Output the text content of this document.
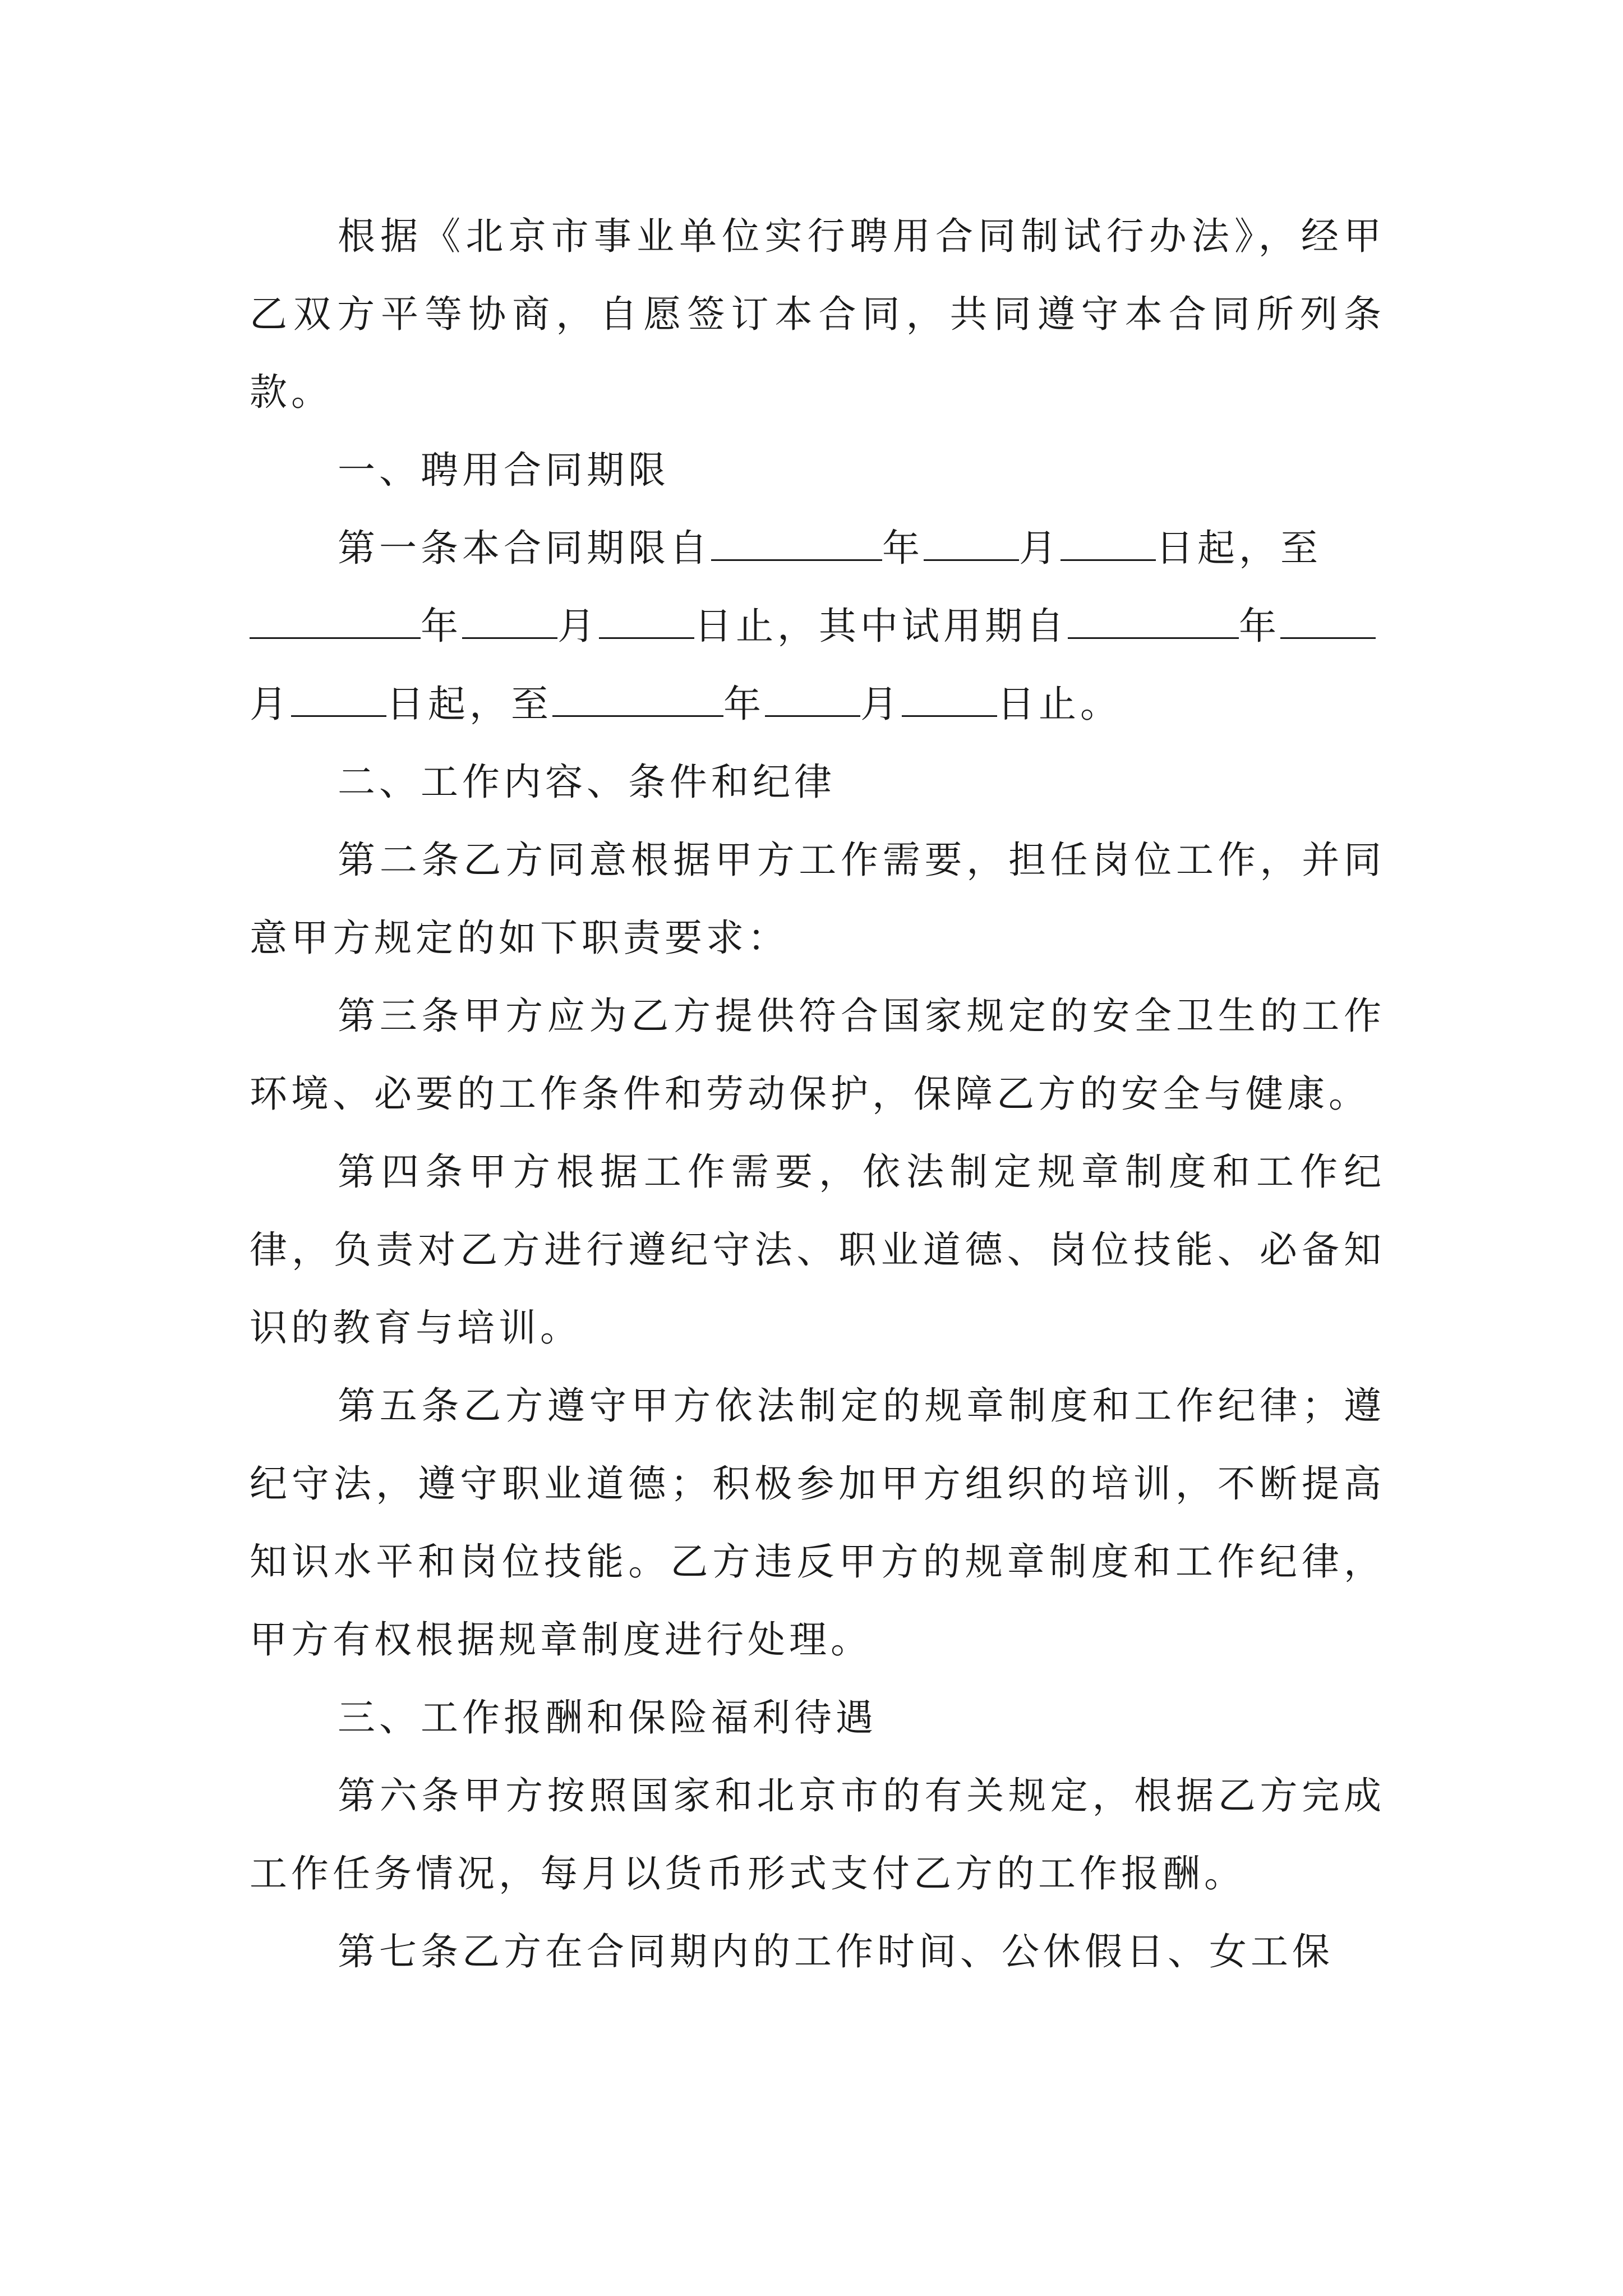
根据《北京市事业单位实行聘用合同制试行办法》，经甲乙双方平等协商，自愿签订本合同，共同遵守本合同所列条款。

一、聘用合同期限

第一条本合同期限自	年	月	日起，至
年	月	日止，其中试用期自	年
月	日起，至	年	月	日止。

二、工作内容、条件和纪律

第二条乙方同意根据甲方工作需要，担任岗位工作，并同意甲方规定的如下职责要求：

第三条甲方应为乙方提供符合国家规定的安全卫生的工作环境、必要的工作条件和劳动保护，保障乙方的安全与健康。

第四条甲方根据工作需要，依法制定规章制度和工作纪律，负责对乙方进行遵纪守法、职业道德、岗位技能、必备知识的教育与培训。

第五条乙方遵守甲方依法制定的规章制度和工作纪律；遵纪守法，遵守职业道德；积极参加甲方组织的培训，不断提高知识水平和岗位技能。乙方违反甲方的规章制度和工作纪律，甲方有权根据规章制度进行处理。

三、工作报酬和保险福利待遇

第六条甲方按照国家和北京市的有关规定，根据乙方完成工作任务情况，每月以货币形式支付乙方的工作报酬。

第七条乙方在合同期内的工作时间、公休假日、女工保
